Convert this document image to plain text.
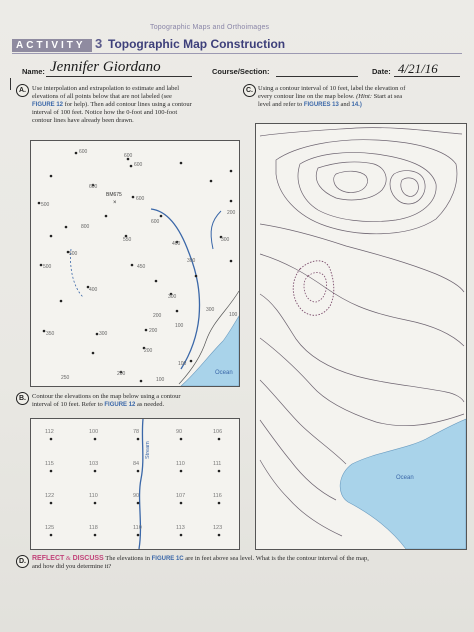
Topographic Maps and Orthoimages
ACTIVITY 3 Topographic Map Construction
Name: Jennifer Giordano	Course/Section:	Date: 4/21/16
A. Use interpolation and extrapolation to estimate and label
elevations of all points below that are not labeled (see
FIGURE 12 for help). Then add contour lines using a contour
interval of 100 feet. Notice how the 0-foot and 100-foot
contour lines have already been drawn.
Ocean
BM675
×
600
600
600
600
500
600
600
800
550
400
300
500
300
500	450
400
300
300
200
350	300	200
200
200
100
100
100
250
200
100
C. Using a contour interval of 10 feet, label the elevation of
every contour line on the map below. (Hint: Start at sea
level and refer to FIGURES 13 and 14.)
Ocean
B. Contour the elevations on the map below using a contour
interval of 10 feet. Refer to FIGURE 12 as needed.
Stream
112	100	78	90	106
115	103	84	110	111
122	110	90	107	116
125	118	110	113	123
D. REFLECT & DISCUSS The elevations in FIGURE 1C are in feet above sea level. What is the the contour interval of the map,
and how did you determine it?
